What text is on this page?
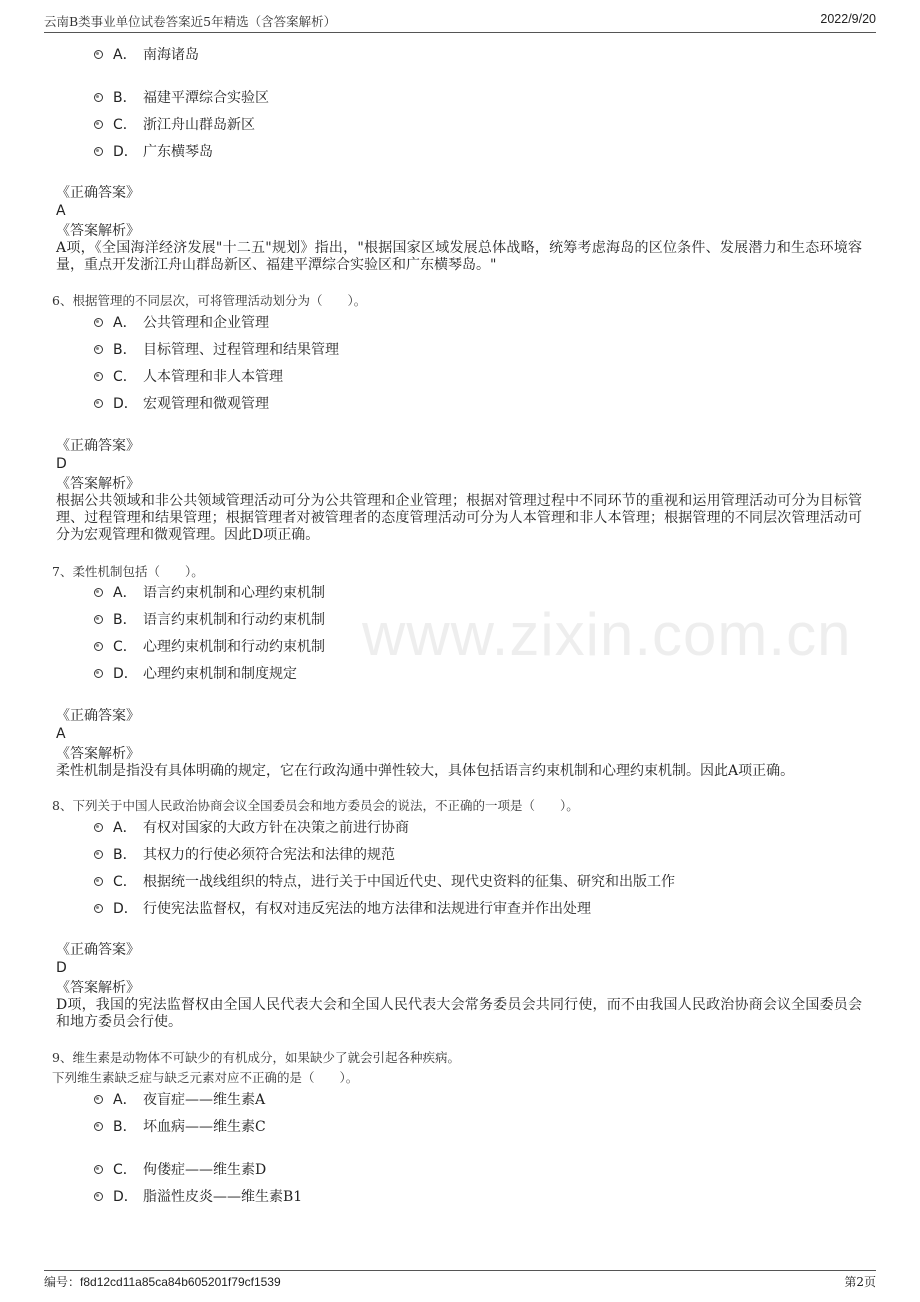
云南B类事业单位试卷答案近5年精选（含答案解析）	2022/9/20
www.zixin.com.cn
A． 南海诸岛
B． 福建平潭综合实验区
C． 浙江舟山群岛新区
D． 广东横琴岛
《正确答案》
A
《答案解析》
A项，《全国海洋经济发展"十二五"规划》指出，"根据国家区域发展总体战略，统筹考虑海岛的区位条件、发展潜力和生态环境容量，重点开发浙江舟山群岛新区、福建平潭综合实验区和广东横琴岛。"
6、根据管理的不同层次，可将管理活动划分为（　　）。
A． 公共管理和企业管理
B． 目标管理、过程管理和结果管理
C． 人本管理和非人本管理
D． 宏观管理和微观管理
《正确答案》
D
《答案解析》
根据公共领域和非公共领域管理活动可分为公共管理和企业管理；根据对管理过程中不同环节的重视和运用管理活动可分为目标管理、过程管理和结果管理；根据管理者对被管理者的态度管理活动可分为人本管理和非人本管理；根据管理的不同层次管理活动可分为宏观管理和微观管理。因此D项正确。
7、柔性机制包括（　　）。
A． 语言约束机制和心理约束机制
B． 语言约束机制和行动约束机制
C． 心理约束机制和行动约束机制
D． 心理约束机制和制度规定
《正确答案》
A
《答案解析》
柔性机制是指没有具体明确的规定，它在行政沟通中弹性较大，具体包括语言约束机制和心理约束机制。因此A项正确。
8、下列关于中国人民政治协商会议全国委员会和地方委员会的说法，不正确的一项是（　　）。
A． 有权对国家的大政方针在决策之前进行协商
B． 其权力的行使必须符合宪法和法律的规范
C． 根据统一战线组织的特点，进行关于中国近代史、现代史资料的征集、研究和出版工作
D． 行使宪法监督权，有权对违反宪法的地方法律和法规进行审查并作出处理
《正确答案》
D
《答案解析》
D项，我国的宪法监督权由全国人民代表大会和全国人民代表大会常务委员会共同行使，而不由我国人民政治协商会议全国委员会和地方委员会行使。
9、维生素是动物体不可缺少的有机成分，如果缺少了就会引起各种疾病。
下列维生素缺乏症与缺乏元素对应不正确的是（　　）。
A． 夜盲症——维生素A
B． 坏血病——维生素C
C． 佝偻症——维生素D
D． 脂溢性皮炎——维生素B1
编号：f8d12cd11a85ca84b605201f79cf1539	第2页
